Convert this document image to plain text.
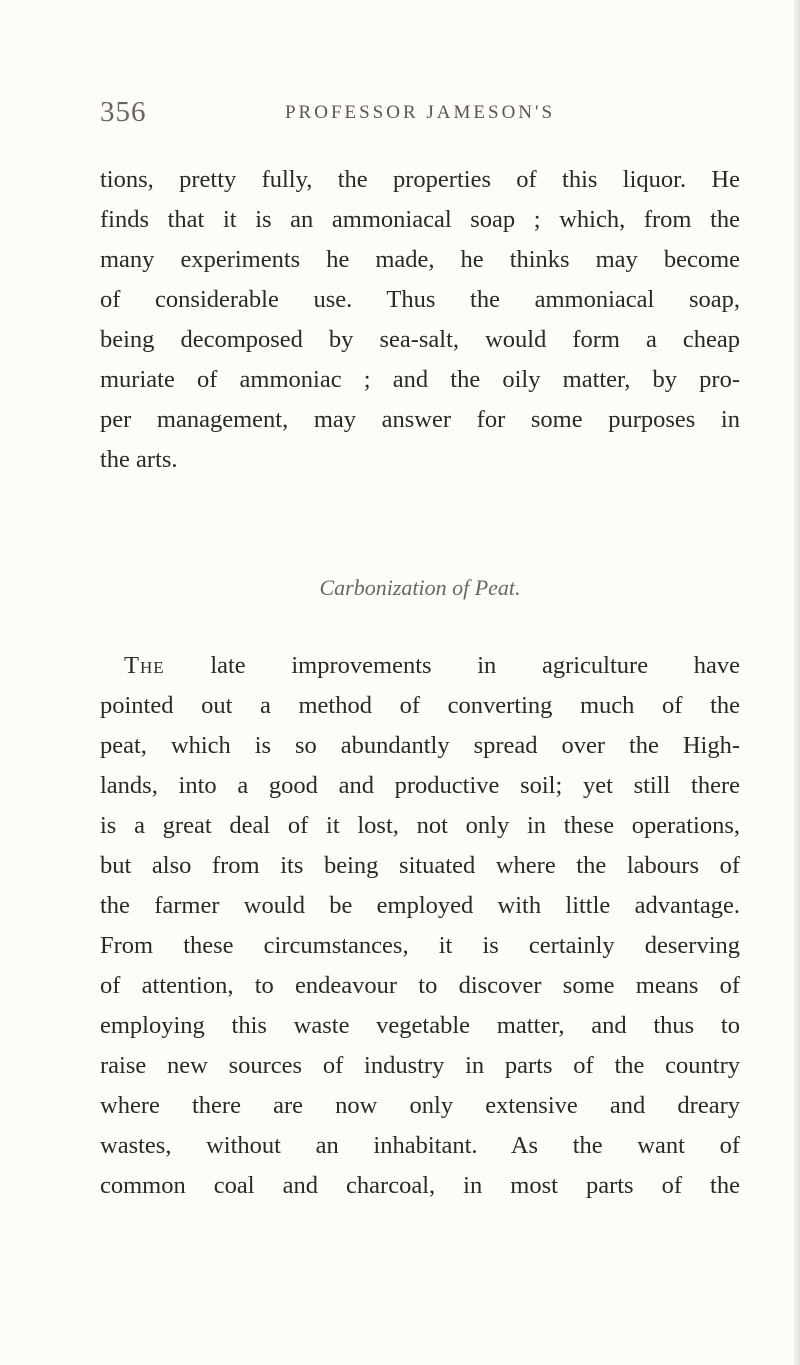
356	PROFESSOR JAMESON'S
tions, pretty fully, the properties of this liquor. He
finds that it is an ammoniacal soap ; which, from the
many experiments he made, he thinks may become
of considerable use. Thus the ammoniacal soap,
being decomposed by sea-salt, would form a cheap
muriate of ammoniac ; and the oily matter, by pro-
per management, may answer for some purposes in
the arts.
Carbonization of Peat.
The late improvements in agriculture have
pointed out a method of converting much of the
peat, which is so abundantly spread over the High-
lands, into a good and productive soil; yet still there
is a great deal of it lost, not only in these operations,
but also from its being situated where the labours of
the farmer would be employed with little advantage.
From these circumstances, it is certainly deserving
of attention, to endeavour to discover some means of
employing this waste vegetable matter, and thus to
raise new sources of industry in parts of the country
where there are now only extensive and dreary
wastes, without an inhabitant. As the want of
common coal and charcoal, in most parts of the
